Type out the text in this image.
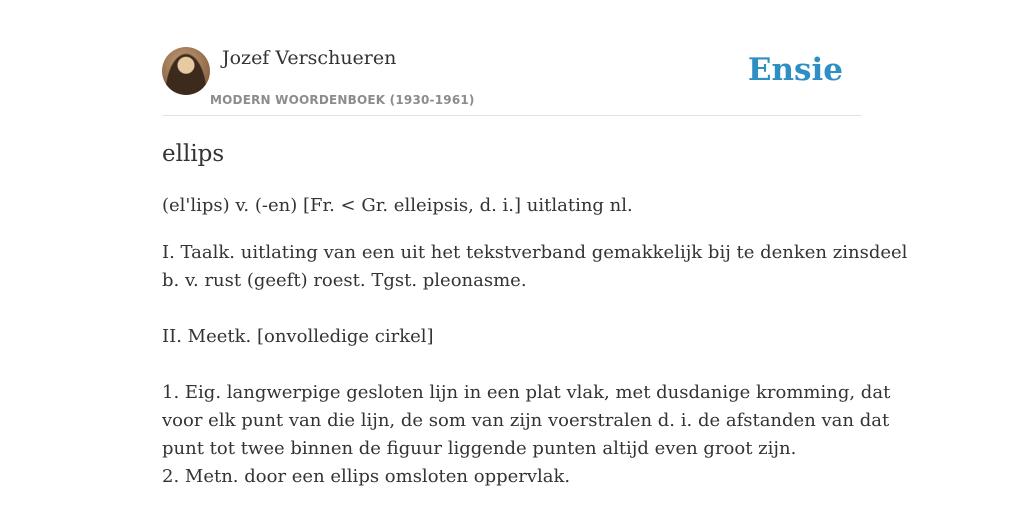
Jozef Verschueren
MODERN WOORDENBOEK (1930-1961)
Ensie
ellips

(el'lips) v. (-en) [Fr. < Gr. elleipsis, d. i.] uitlating nl.

I. Taalk. uitlating van een uit het tekstverband gemakkelijk bij te denken zinsdeel
b. v. rust (geeft) roest. Tgst. pleonasme.
II. Meetk. [onvolledige cirkel]
1. Eig. langwerpige gesloten lijn in een plat vlak, met dusdanige kromming, dat
voor elk punt van die lijn, de som van zijn voerstralen d. i. de afstanden van dat
punt tot twee binnen de figuur liggende punten altijd even groot zijn.
2. Metn. door een ellips omsloten oppervlak.
